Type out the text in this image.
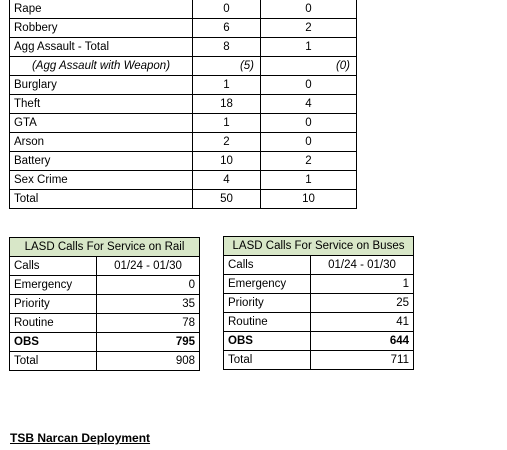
Rape	0	0
Robbery	6	2
Agg Assault - Total	8	1
(Agg Assault with Weapon)	(5)	(0)
Burglary	1	0
Theft	18	4
GTA	1	0
Arson	2	0
Battery	10	2
Sex Crime	4	1
Total	50	10
LASD Calls For Service on Rail	
Calls	01/24 - 01/30
Emergency	0
Priority	35
Routine	78
OBS	795
Total	908
LASD Calls For Service on Buses	
Calls	01/24 - 01/30
Emergency	1
Priority	25
Routine	41
OBS	644
Total	711
TSB Narcan Deployment
